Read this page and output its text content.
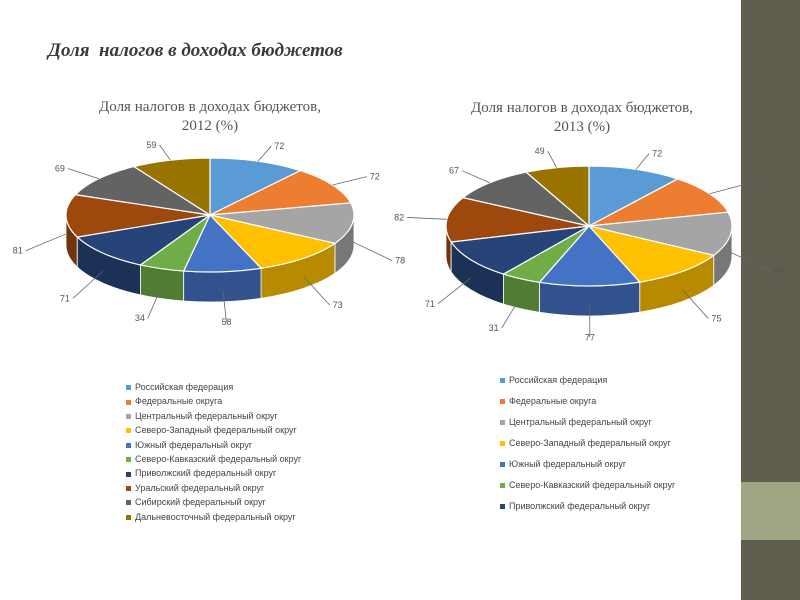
Доля  налогов в доходах бюджетов
Доля налогов в доходах бюджетов,
2012 (%)
Доля налогов в доходах бюджетов,
2013 (%)
72
72
78
73
58
34
71
81
69
59
72
72
80
75
77
31
71
82
67
49
Российская федерация
Федеральные округа
Центральный федеральный округ
Северо-Западный федеральный округ
Южный федеральный округ
Северо-Кавказский федеральный округ
Приволжский федеральный округ
Уральский федеральный округ
Сибирский федеральный округ
Дальневосточный федеральный округ
Российская федерация
Федеральные округа
Центральный федеральный округ
Северо-Западный федеральный округ
Южный федеральный округ
Северо-Кавказский федеральный округ
Приволжский федеральный округ
